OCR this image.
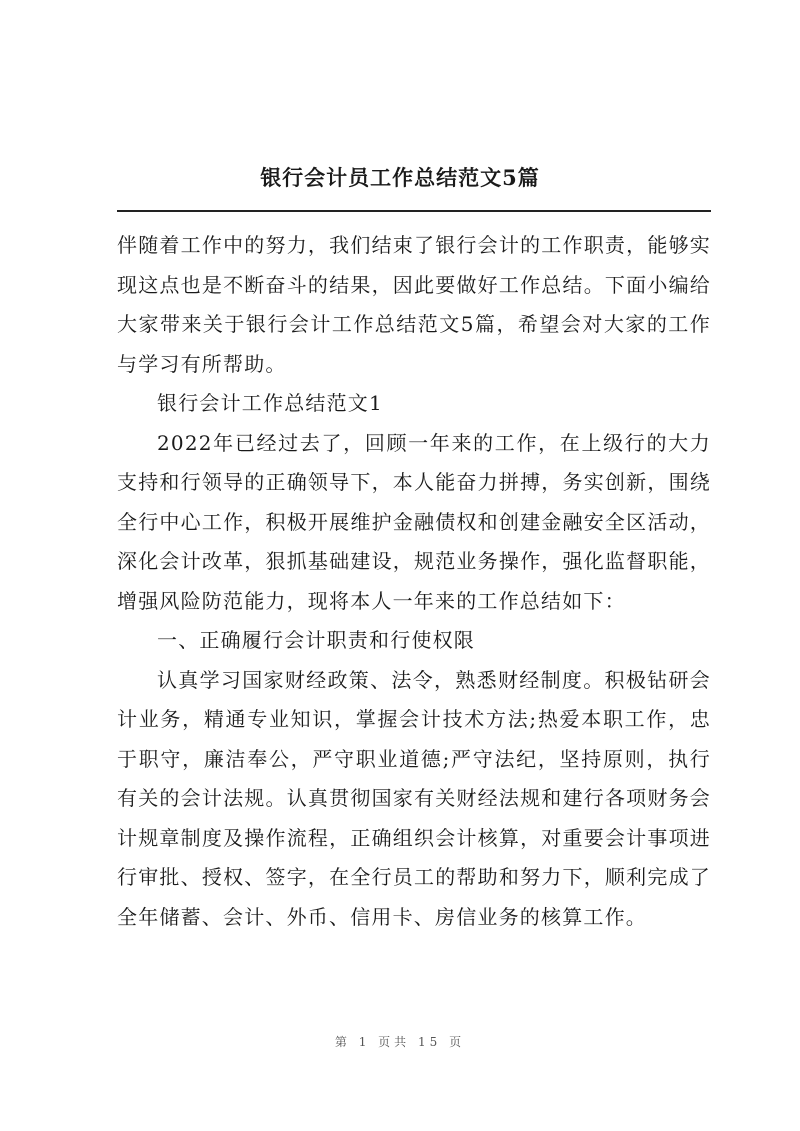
银行会计员工作总结范文5篇

伴随着工作中的努力，我们结束了银行会计的工作职责，能够实现这点也是不断奋斗的结果，因此要做好工作总结。下面小编给大家带来关于银行会计工作总结范文5篇，希望会对大家的工作与学习有所帮助。

银行会计工作总结范文1

2022年已经过去了，回顾一年来的工作，在上级行的大力支持和行领导的正确领导下，本人能奋力拼搏，务实创新，围绕全行中心工作，积极开展维护金融债权和创建金融安全区活动，深化会计改革，狠抓基础建设，规范业务操作，强化监督职能，增强风险防范能力，现将本人一年来的工作总结如下：

一、正确履行会计职责和行使权限

认真学习国家财经政策、法令，熟悉财经制度。积极钻研会计业务，精通专业知识，掌握会计技术方法;热爱本职工作，忠于职守，廉洁奉公，严守职业道德;严守法纪，坚持原则，执行有关的会计法规。认真贯彻国家有关财经法规和建行各项财务会计规章制度及操作流程，正确组织会计核算，对重要会计事项进行审批、授权、签字，在全行员工的帮助和努力下，顺利完成了全年储蓄、会计、外币、信用卡、房信业务的核算工作。

第 1 页共 15 页
